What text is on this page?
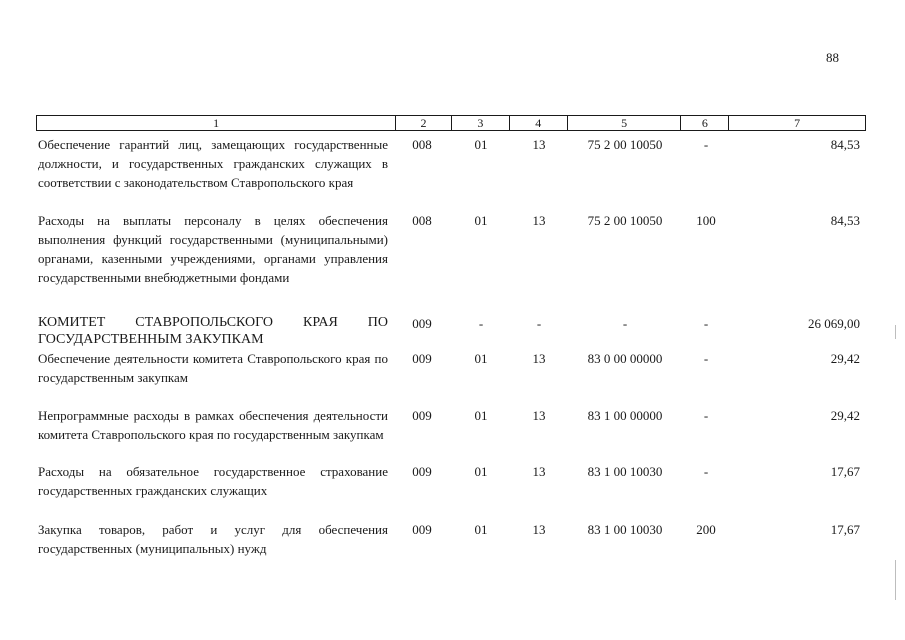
88
1	2	3	4	5	6	7
Обеспечение гарантий лиц, замещающих государственные должности, и государственных гражданских служащих в соответствии с законодательством Ставропольского края
008	01	13	75 2 00 10050	-	84,53
Расходы на выплаты персоналу в целях обеспечения выполнения функций государственными (муниципальными) органами, казенными учреждениями, органами управления государственными внебюджетными фондами
008	01	13	75 2 00 10050	100	84,53
КОМИТЕТ СТАВРОПОЛЬСКОГО КРАЯ ПО ГОСУДАРСТВЕННЫМ ЗАКУПКАМ
009	-	-	-	-	26 069,00
Обеспечение деятельности комитета Ставропольского края по государственным закупкам
009	01	13	83 0 00 00000	-	29,42
Непрограммные расходы в рамках обеспечения деятельности комитета Ставропольского края по государственным закупкам
009	01	13	83 1 00 00000	-	29,42
Расходы на обязательное государственное страхование государственных гражданских служащих
009	01	13	83 1 00 10030	-	17,67
Закупка товаров, работ и услуг для обеспечения государственных (муниципальных) нужд
009	01	13	83 1 00 10030	200	17,67
